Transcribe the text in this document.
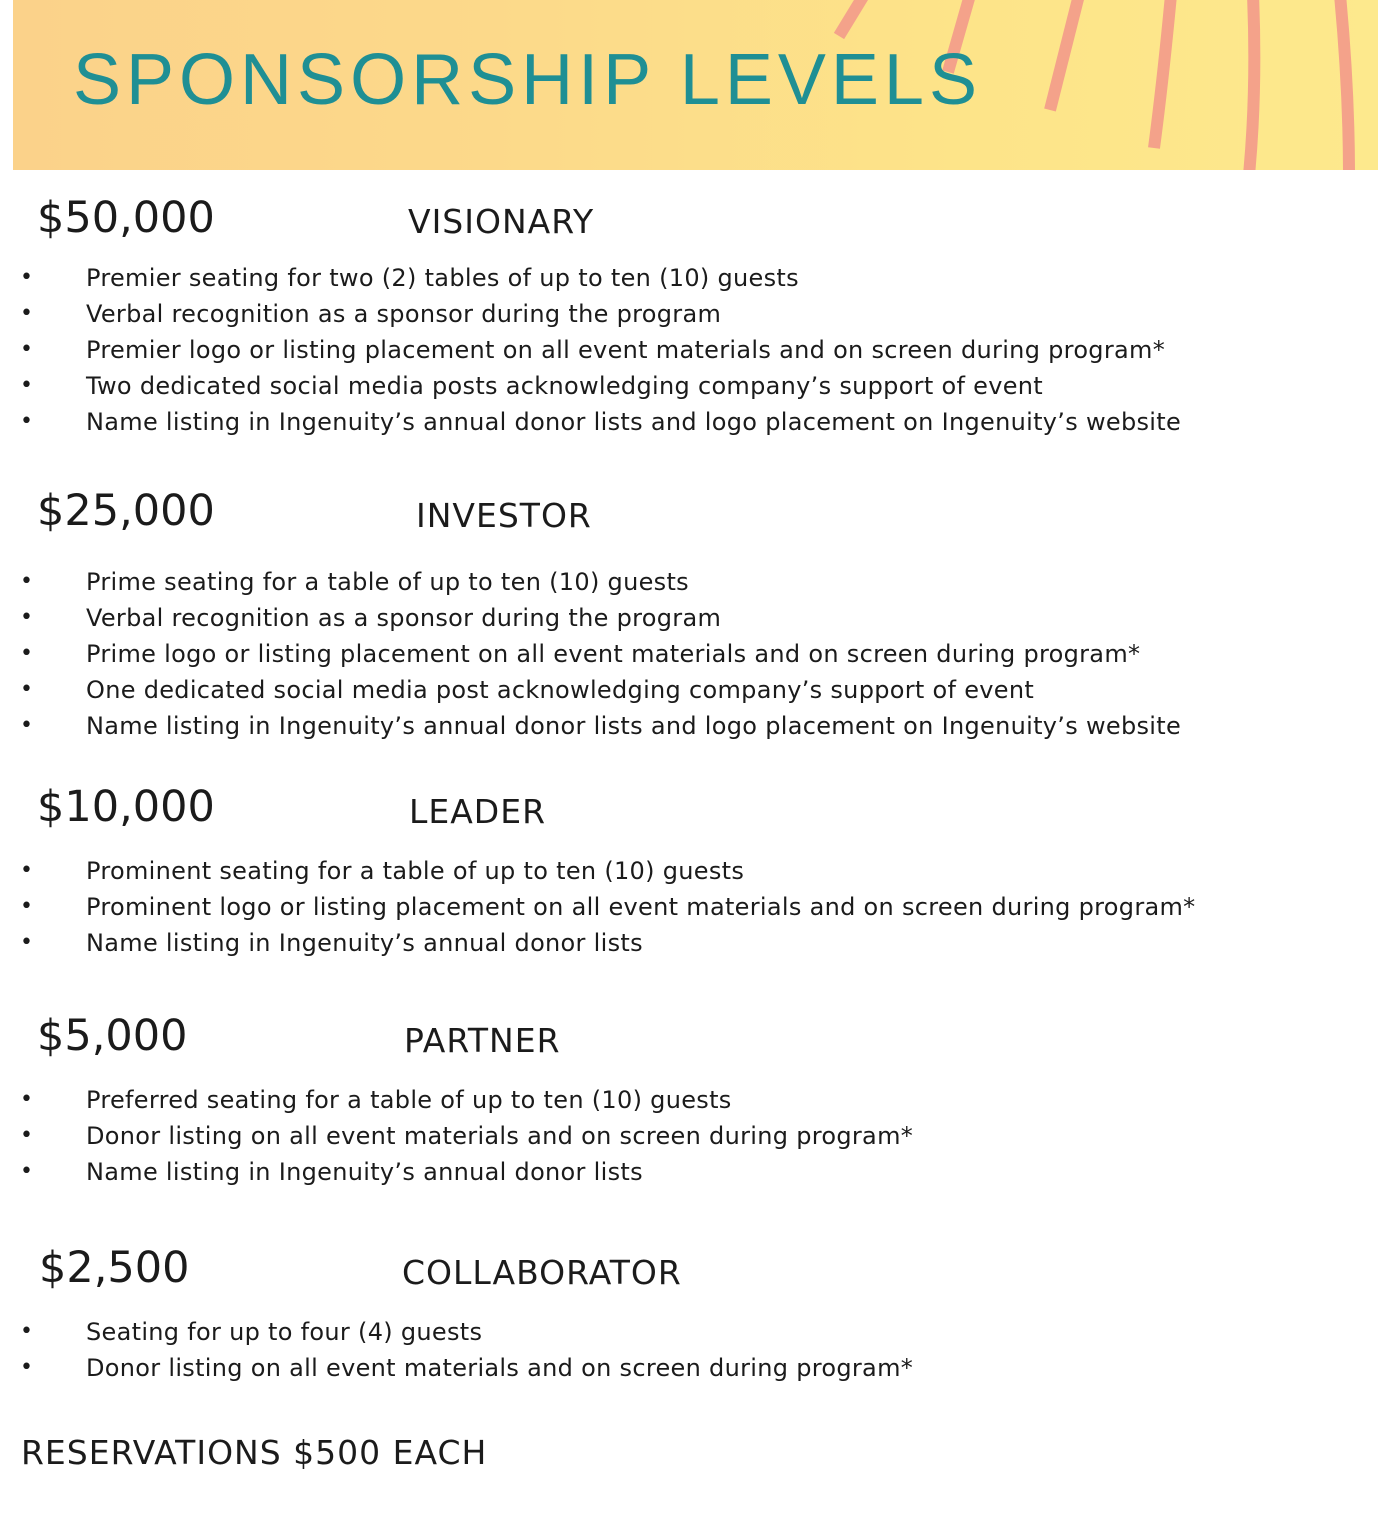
SPONSORSHIP LEVELS
$50,000	VISIONARY
• Premier seating for two (2) tables of up to ten (10) guests
• Verbal recognition as a sponsor during the program
• Premier logo or listing placement on all event materials and on screen during program*
• Two dedicated social media posts acknowledging company’s support of event
• Name listing in Ingenuity’s annual donor lists and logo placement on Ingenuity’s website
$25,000	INVESTOR
• Prime seating for a table of up to ten (10) guests
• Verbal recognition as a sponsor during the program
• Prime logo or listing placement on all event materials and on screen during program*
• One dedicated social media post acknowledging company’s support of event
• Name listing in Ingenuity’s annual donor lists and logo placement on Ingenuity’s website
$10,000	LEADER
• Prominent seating for a table of up to ten (10) guests
• Prominent logo or listing placement on all event materials and on screen during program*
• Name listing in Ingenuity’s annual donor lists
$5,000	PARTNER
• Preferred seating for a table of up to ten (10) guests
• Donor listing on all event materials and on screen during program*
• Name listing in Ingenuity’s annual donor lists
$2,500	COLLABORATOR
• Seating for up to four (4) guests
• Donor listing on all event materials and on screen during program*

RESERVATIONS $500 EACH
